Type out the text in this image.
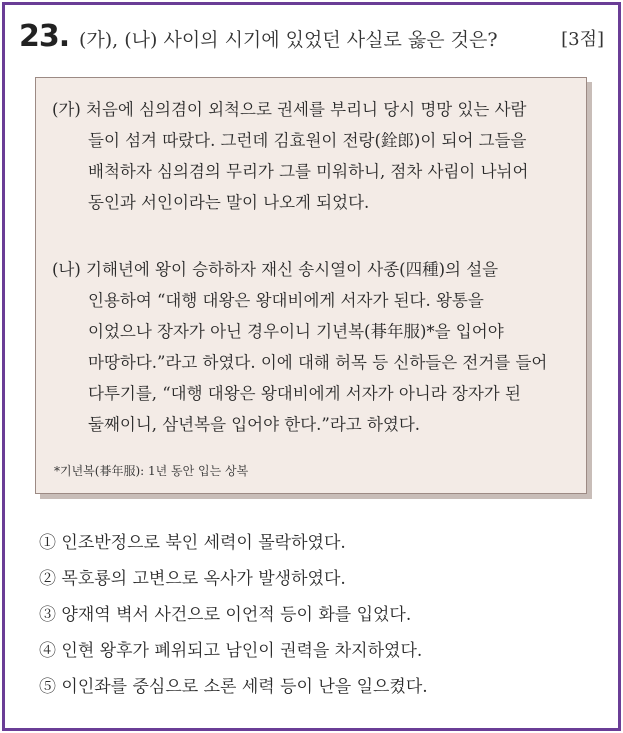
23. (가), (나) 사이의 시기에 있었던 사실로 옳은 것은?	[3점]
(가) 처음에 심의겸이 외척으로 권세를 부리니 당시 명망 있는 사람
들이 섬겨 따랐다. 그런데 김효원이 전랑(銓郎)이 되어 그들을
배척하자 심의겸의 무리가 그를 미워하니, 점차 사림이 나뉘어
동인과 서인이라는 말이 나오게 되었다.
(나) 기해년에 왕이 승하하자 재신 송시열이 사종(四種)의 설을
인용하여 “대행 대왕은 왕대비에게 서자가 된다. 왕통을
이었으나 장자가 아닌 경우이니 기년복(朞年服)*을 입어야
마땅하다.”라고 하였다. 이에 대해 허목 등 신하들은 전거를 들어
다투기를, “대행 대왕은 왕대비에게 서자가 아니라 장자가 된
둘째이니, 삼년복을 입어야 한다.”라고 하였다.
*기년복(朞年服): 1년 동안 입는 상복
① 인조반정으로 북인 세력이 몰락하였다.
② 목호룡의 고변으로 옥사가 발생하였다.
③ 양재역 벽서 사건으로 이언적 등이 화를 입었다.
④ 인현 왕후가 폐위되고 남인이 권력을 차지하였다.
⑤ 이인좌를 중심으로 소론 세력 등이 난을 일으켰다.
